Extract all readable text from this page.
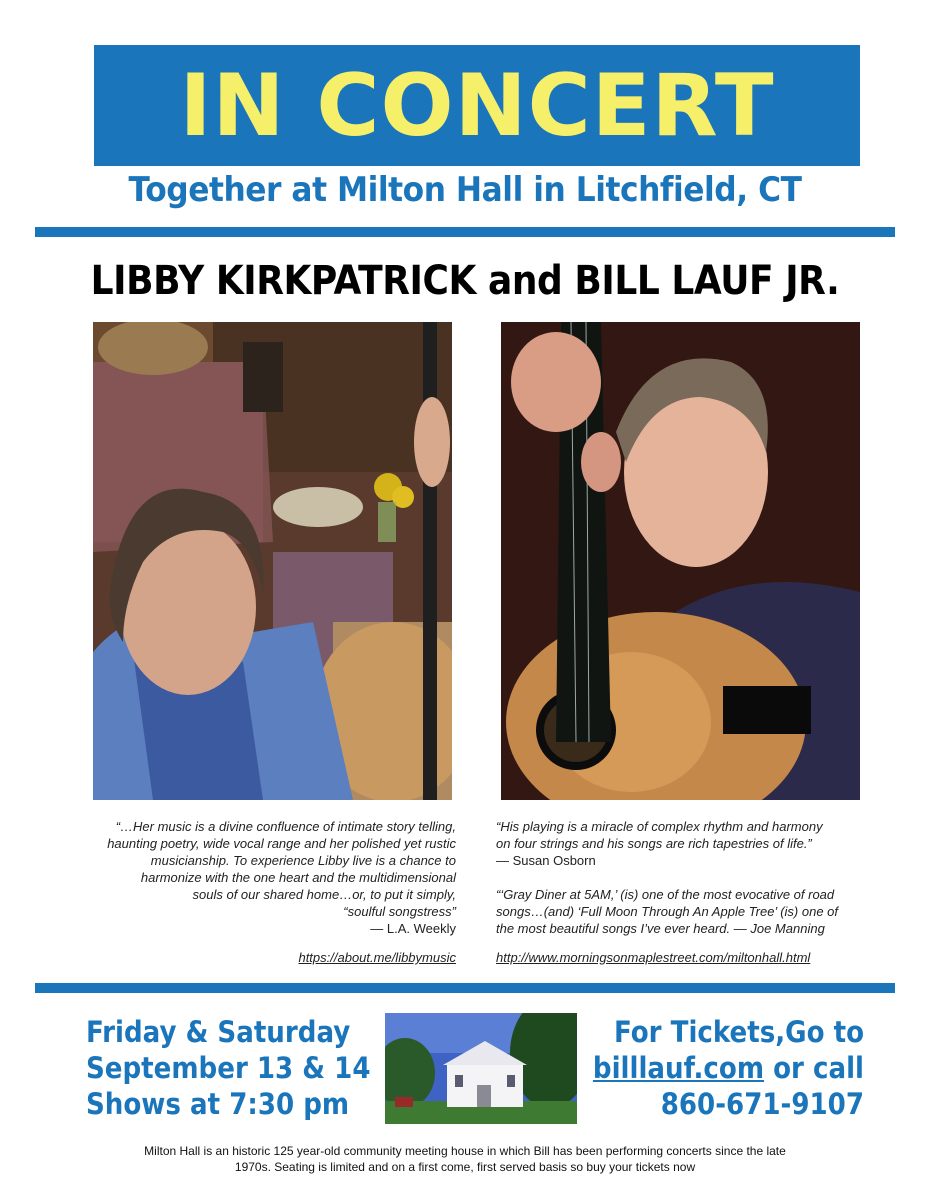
IN CONCERT
Together at Milton Hall in Litchfield, CT
LIBBY KIRKPATRICK and BILL LAUF JR.
“…Her music is a divine confluence of intimate story telling,
haunting poetry, wide vocal range and her polished yet rustic
musicianship. To experience Libby live is a chance to
harmonize with the one heart and the multidimensional
souls of our shared home…or, to put it simply,
“soulful songstress”
— L.A. Weekly
https://about.me/libbymusic
“His playing is a miracle of complex rhythm and harmony
on four strings and his songs are rich tapestries of life.”
— Susan Osborn
“‘Gray Diner at 5AM,’ (is) one of the most evocative of road
songs…(and) ‘Full Moon Through An Apple Tree’ (is) one of
the most beautiful songs I’ve ever heard. — Joe Manning
http://www.morningsonmaplestreet.com/miltonhall.html
Friday & Saturday
September 13 & 14
Shows at 7:30 pm
For Tickets,Go to
billlauf.com or call
860-671-9107
Milton Hall is an historic 125 year-old community meeting house in which Bill has been performing concerts since the late
1970s. Seating is limited and on a first come, first served basis so buy your tickets now
